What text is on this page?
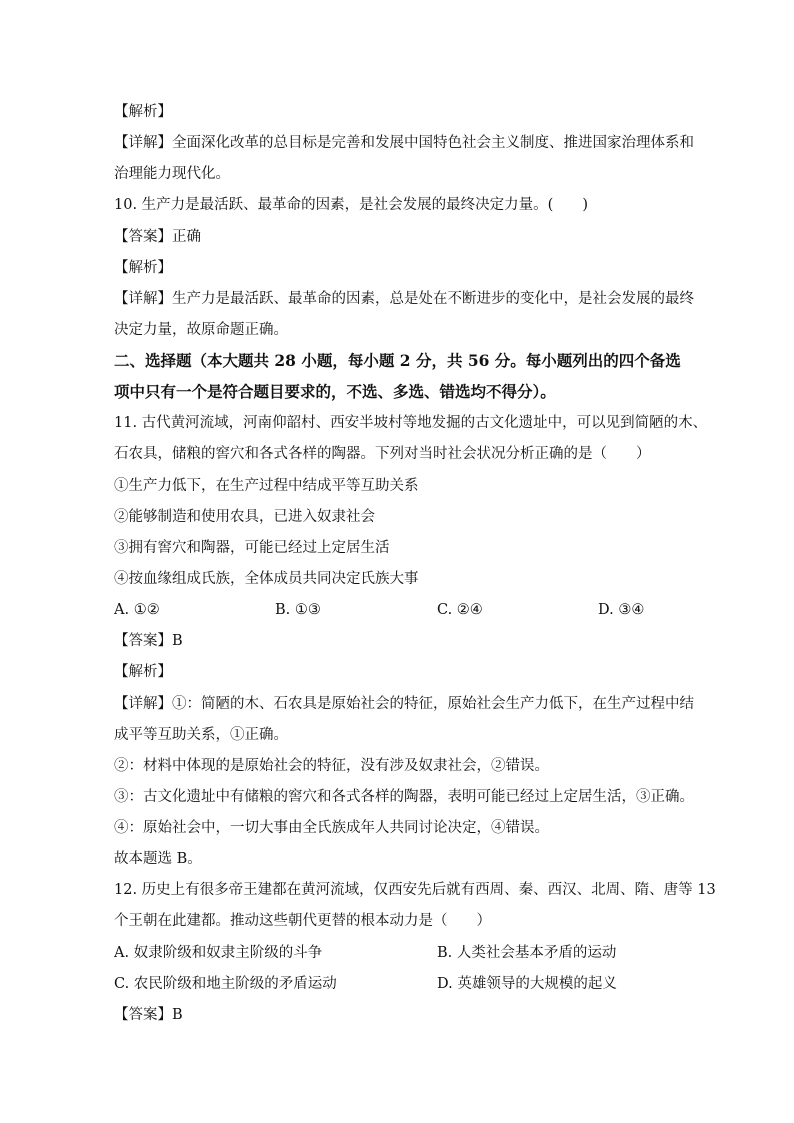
【解析】
【详解】全面深化改革的总目标是完善和发展中国特色社会主义制度、推进国家治理体系和
治理能力现代化。
10. 生产力是最活跃、最革命的因素，是社会发展的最终决定力量。(　　)
【答案】正确
【解析】
【详解】生产力是最活跃、最革命的因素，总是处在不断进步的变化中，是社会发展的最终
决定力量，故原命题正确。
二、选择题（本大题共 28 小题，每小题 2 分，共 56 分。每小题列出的四个备选
项中只有一个是符合题目要求的，不选、多选、错选均不得分）。
11. 古代黄河流域，河南仰韶村、西安半坡村等地发掘的古文化遗址中，可以见到简陋的木、
石农具，储粮的窖穴和各式各样的陶器。下列对当时社会状况分析正确的是（　　）
①生产力低下，在生产过程中结成平等互助关系
②能够制造和使用农具，已进入奴隶社会
③拥有窖穴和陶器，可能已经过上定居生活
④按血缘组成氏族，全体成员共同决定氏族大事
A. ①②	B. ①③	C. ②④	D. ③④
【答案】B
【解析】
【详解】①：简陋的木、石农具是原始社会的特征，原始社会生产力低下，在生产过程中结
成平等互助关系，①正确。
②：材料中体现的是原始社会的特征，没有涉及奴隶社会，②错误。
③：古文化遗址中有储粮的窖穴和各式各样的陶器，表明可能已经过上定居生活，③正确。
④：原始社会中，一切大事由全氏族成年人共同讨论决定，④错误。
故本题选 B。
12. 历史上有很多帝王建都在黄河流域，仅西安先后就有西周、秦、西汉、北周、隋、唐等 13
个王朝在此建都。推动这些朝代更替的根本动力是（　　）
A. 奴隶阶级和奴隶主阶级的斗争	B. 人类社会基本矛盾的运动
C. 农民阶级和地主阶级的矛盾运动	D. 英雄领导的大规模的起义
【答案】B
